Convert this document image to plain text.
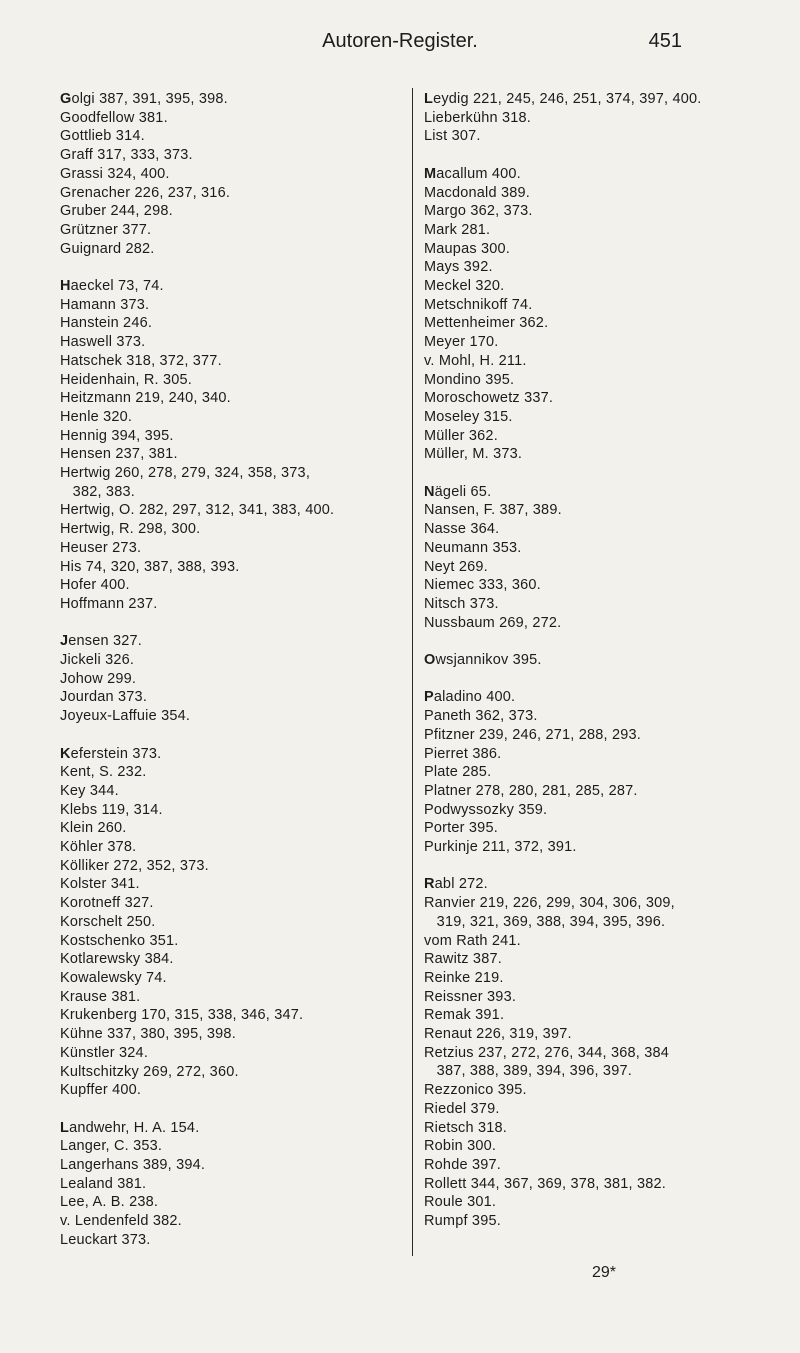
Autoren-Register.	451
Golgi 387, 391, 395, 398.
Goodfellow 381.
Gottlieb 314.
Graff 317, 333, 373.
Grassi 324, 400.
Grenacher 226, 237, 316.
Gruber 244, 298.
Grützner 377.
Guignard 282.
Haeckel 73, 74.
Hamann 373.
Hanstein 246.
Haswell 373.
Hatschek 318, 372, 377.
Heidenhain, R. 305.
Heitzmann 219, 240, 340.
Henle 320.
Hennig 394, 395.
Hensen 237, 381.
Hertwig 260, 278, 279, 324, 358, 373,
382, 383.
Hertwig, O. 282, 297, 312, 341, 383, 400.
Hertwig, R. 298, 300.
Heuser 273.
His 74, 320, 387, 388, 393.
Hofer 400.
Hoffmann 237.
Jensen 327.
Jickeli 326.
Johow 299.
Jourdan 373.
Joyeux-Laffuie 354.
Keferstein 373.
Kent, S. 232.
Key 344.
Klebs 119, 314.
Klein 260.
Köhler 378.
Kölliker 272, 352, 373.
Kolster 341.
Korotneff 327.
Korschelt 250.
Kostschenko 351.
Kotlarewsky 384.
Kowalewsky 74.
Krause 381.
Krukenberg 170, 315, 338, 346, 347.
Kühne 337, 380, 395, 398.
Künstler 324.
Kultschitzky 269, 272, 360.
Kupffer 400.
Landwehr, H. A. 154.
Langer, C. 353.
Langerhans 389, 394.
Lealand 381.
Lee, A. B. 238.
v. Lendenfeld 382.
Leuckart 373.
Leydig 221, 245, 246, 251, 374, 397, 400.
Lieberkühn 318.
List 307.
Macallum 400.
Macdonald 389.
Margo 362, 373.
Mark 281.
Maupas 300.
Mays 392.
Meckel 320.
Metschnikoff 74.
Mettenheimer 362.
Meyer 170.
v. Mohl, H. 211.
Mondino 395.
Moroschowetz 337.
Moseley 315.
Müller 362.
Müller, M. 373.
Nägeli 65.
Nansen, F. 387, 389.
Nasse 364.
Neumann 353.
Neyt 269.
Niemec 333, 360.
Nitsch 373.
Nussbaum 269, 272.
Owsjannikov 395.
Paladino 400.
Paneth 362, 373.
Pfitzner 239, 246, 271, 288, 293.
Pierret 386.
Plate 285.
Platner 278, 280, 281, 285, 287.
Podwyssozky 359.
Porter 395.
Purkinje 211, 372, 391.
Rabl 272.
Ranvier 219, 226, 299, 304, 306, 309,
319, 321, 369, 388, 394, 395, 396.
vom Rath 241.
Rawitz 387.
Reinke 219.
Reissner 393.
Remak 391.
Renaut 226, 319, 397.
Retzius 237, 272, 276, 344, 368, 384
387, 388, 389, 394, 396, 397.
Rezzonico 395.
Riedel 379.
Rietsch 318.
Robin 300.
Rohde 397.
Rollett 344, 367, 369, 378, 381, 382.
Roule 301.
Rumpf 395.
29*
